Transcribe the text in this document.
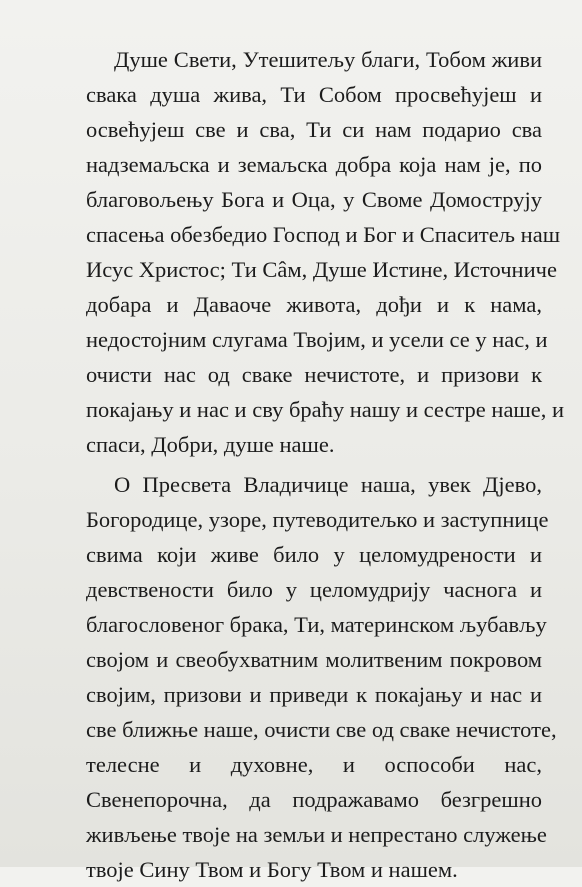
Душе Свети, Утешитељу благи, Тобом живи
свака душа жива, Ти Собом просвећујеш и
освећујеш све и сва, Ти си нам подарио сва
надземаљска и земаљска добра која нам је, по
благовољењу Бога и Оца, у Своме Домострују
спасења обезбедио Господ и Бог и Спаситељ наш
Исус Христос; Ти Сâм, Душе Истине, Источниче
добара и Даваоче живота, дођи и к нама,
недостојним слугама Твојим, и усели се у нас, и
очисти нас од сваке нечистоте, и призови к
покајању и нас и сву браћу нашу и сестре наше, и
спаси, Добри, душе наше.
О Пресвета Владичице наша, увек Дјево,
Богородице, узоре, путеводитељко и заступнице
свима који живе било у целомудрености и
девствености било у целомудрију часнога и
благословеног брака, Ти, материнском љубављу
својом и свеобухватним молитвеним покровом
својим, призови и приведи к покајању и нас и
све ближње наше, очисти све од сваке нечистоте,
телесне и духовне, и оспособи нас,
Свенепорочна, да подражавамо безгрешно
живљење твоје на земљи и непрестано служење
твоје Сину Твом и Богу Твом и нашем.
